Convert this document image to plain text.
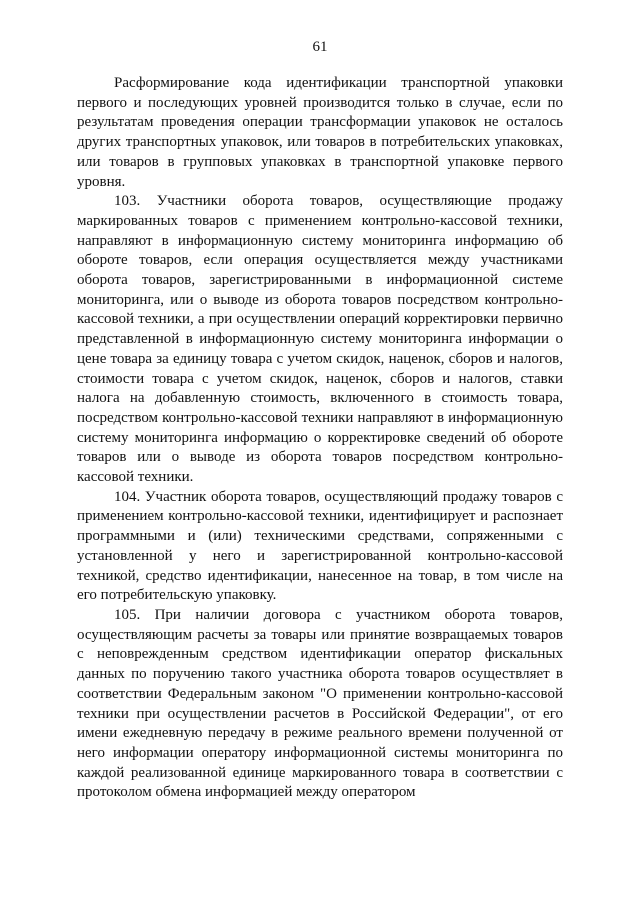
61

Расформирование кода идентификации транспортной упаковки первого и последующих уровней производится только в случае, если по результатам проведения операции трансформации упаковок не осталось других транспортных упаковок, или товаров в потребительских упаковках, или товаров в групповых упаковках в транспортной упаковке первого уровня.

103. Участники оборота товаров, осуществляющие продажу маркированных товаров с применением контрольно-кассовой техники, направляют в информационную систему мониторинга информацию об обороте товаров, если операция осуществляется между участниками оборота товаров, зарегистрированными в информационной системе мониторинга, или о выводе из оборота товаров посредством контрольно-кассовой техники, а при осуществлении операций корректировки первично представленной в информационную систему мониторинга информации о цене товара за единицу товара с учетом скидок, наценок, сборов и налогов, стоимости товара с учетом скидок, наценок, сборов и налогов, ставки налога на добавленную стоимость, включенного в стоимость товара, посредством контрольно-кассовой техники направляют в информационную систему мониторинга информацию о корректировке сведений об обороте товаров или о выводе из оборота товаров посредством контрольно-кассовой техники.

104. Участник оборота товаров, осуществляющий продажу товаров с применением контрольно-кассовой техники, идентифицирует и распознает программными и (или) техническими средствами, сопряженными с установленной у него и зарегистрированной контрольно-кассовой техникой, средство идентификации, нанесенное на товар, в том числе на его потребительскую упаковку.

105. При наличии договора с участником оборота товаров, осуществляющим расчеты за товары или принятие возвращаемых товаров с неповрежденным средством идентификации оператор фискальных данных по поручению такого участника оборота товаров осуществляет в соответствии Федеральным законом "О применении контрольно-кассовой техники при осуществлении расчетов в Российской Федерации", от его имени ежедневную передачу в режиме реального времени полученной от него информации оператору информационной системы мониторинга по каждой реализованной единице маркированного товара в соответствии с протоколом обмена информацией между оператором
